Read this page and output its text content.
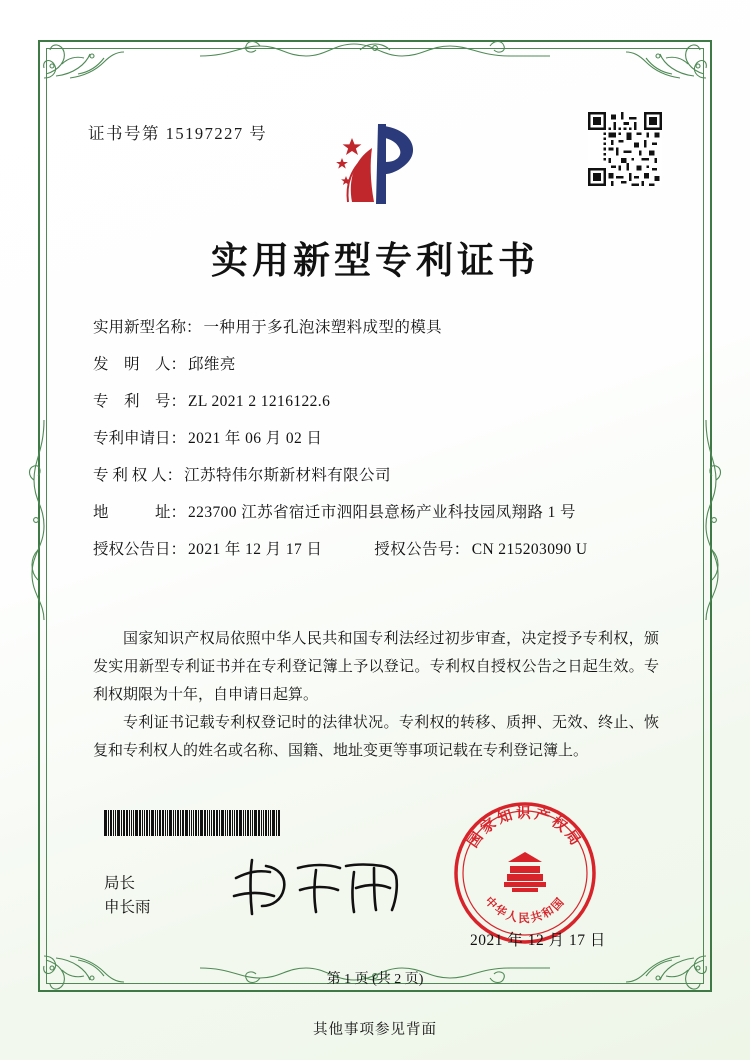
证书号第 15197227 号
实用新型专利证书
实用新型名称： 一种用于多孔泡沫塑料成型的模具
发　明　人： 邱维亮
专　利　号： ZL 2021 2 1216122.6
专利申请日： 2021 年 06 月 02 日
专 利 权 人： 江苏特伟尔斯新材料有限公司
地　　　址： 223700 江苏省宿迁市泗阳县意杨产业科技园凤翔路 1 号
授权公告日： 2021 年 12 月 17 日	授权公告号： CN 215203090 U

国家知识产权局依照中华人民共和国专利法经过初步审查，决定授予专利权，颁发实用新型专利证书并在专利登记簿上予以登记。专利权自授权公告之日起生效。专利权期限为十年，自申请日起算。

专利证书记载专利权登记时的法律状况。专利权的转移、质押、无效、终止、恢复和专利权人的姓名或名称、国籍、地址变更等事项记载在专利登记簿上。

局长
申长雨
国家知识产权局
中华人民共和国
2021 年 12 月 17 日
第 1 页 (共 2 页)
其他事项参见背面
